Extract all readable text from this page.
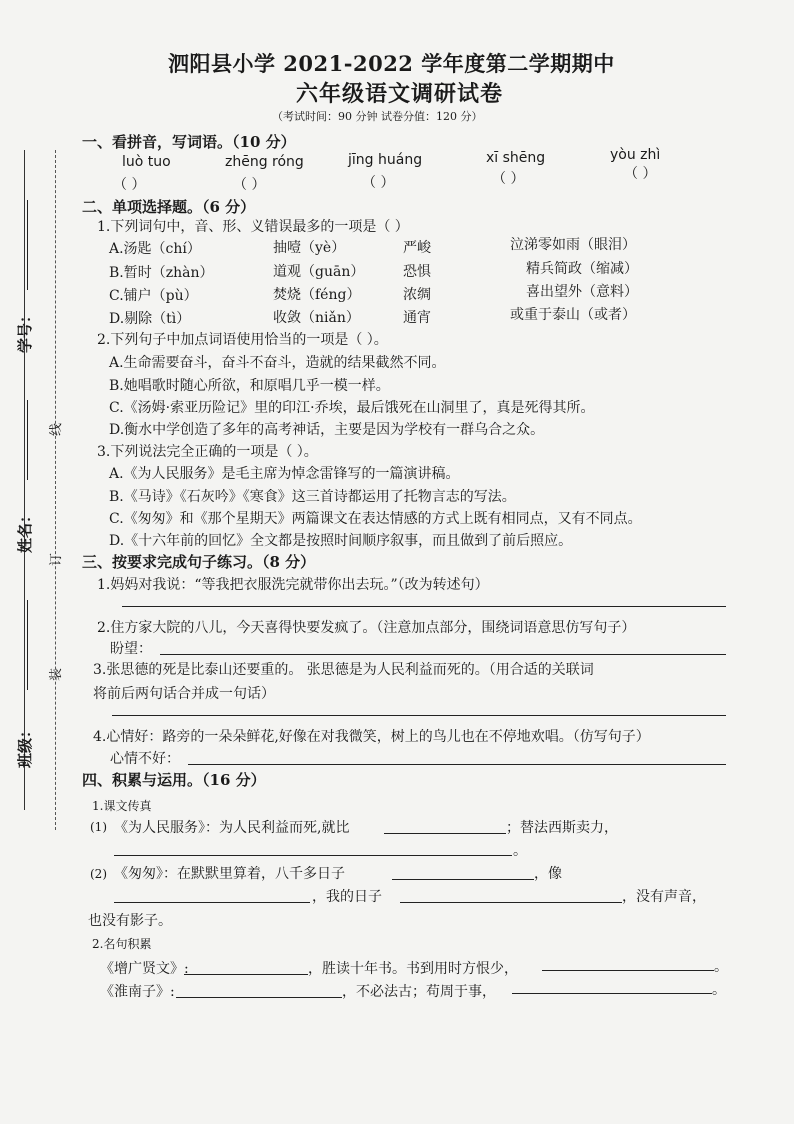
学号：
姓名：
班级：
线
订
装
泗阳县小学 2021-2022 学年度第二学期期中
六年级语文调研试卷
（考试时间：90 分钟 试卷分值：120 分）
一、看拼音，写词语。（10 分）
luò tuo	zhēng róng	jīng huáng	xī shēng	yòu zhì
（ ）	（ ）	（ ）	（ ）	（ ）
二、单项选择题。（6 分）
1.下列词句中，音、形、义错误最多的一项是（ ）
A.汤匙（chí）	抽噎（yè）	严峻	泣涕零如雨（眼泪）
B.暂时（zhàn）	道观（guān）	恐惧	精兵简政（缩减）
C.铺户（pù）	焚烧（féng）	浓绸	喜出望外（意料）
D.剔除（tì）	收敛（niǎn）	通宵	或重于泰山（或者）
2.下列句子中加点词语使用恰当的一项是（ ）。
A.生命需要奋斗，奋斗不奋斗，造就的结果截然不同。
B.她唱歌时随心所欲，和原唱几乎一模一样。
C.《汤姆·索亚历险记》里的印江·乔埃，最后饿死在山洞里了，真是死得其所。
D.衡水中学创造了多年的高考神话，主要是因为学校有一群乌合之众。
3.下列说法完全正确的一项是（ ）。
A.《为人民服务》是毛主席为悼念雷锋写的一篇演讲稿。
B.《马诗》《石灰吟》《寒食》这三首诗都运用了托物言志的写法。
C.《匆匆》和《那个星期天》两篇课文在表达情感的方式上既有相同点，又有不同点。
D.《十六年前的回忆》全文都是按照时间顺序叙事，而且做到了前后照应。
三、按要求完成句子练习。（8 分）
1.妈妈对我说：“等我把衣服洗完就带你出去玩。”（改为转述句）
2.住方家大院的八儿，今天喜得快要发疯了。（注意加点部分，围绕词语意思仿写句子）
盼望：
3.张思德的死是比泰山还要重的。 张思德是为人民利益而死的。（用合适的关联词
将前后两句话合并成一句话）
4.心情好：路旁的一朵朵鲜花,好像在对我微笑，树上的鸟儿也在不停地欢唱。（仿写句子）
心情不好：
四、积累与运用。（16 分）
1.课文传真
(1) 《为人民服务》：为人民利益而死,就比	；替法西斯卖力，
。
(2) 《匆匆》：在默默里算着，八千多日子	，像
，我的日子	，没有声音，
也没有影子。
2.名句积累
《增广贤文》:	，胜读十年书。书到用时方恨少，	。
《淮南子》:	，不必法古；苟周于事，	。
